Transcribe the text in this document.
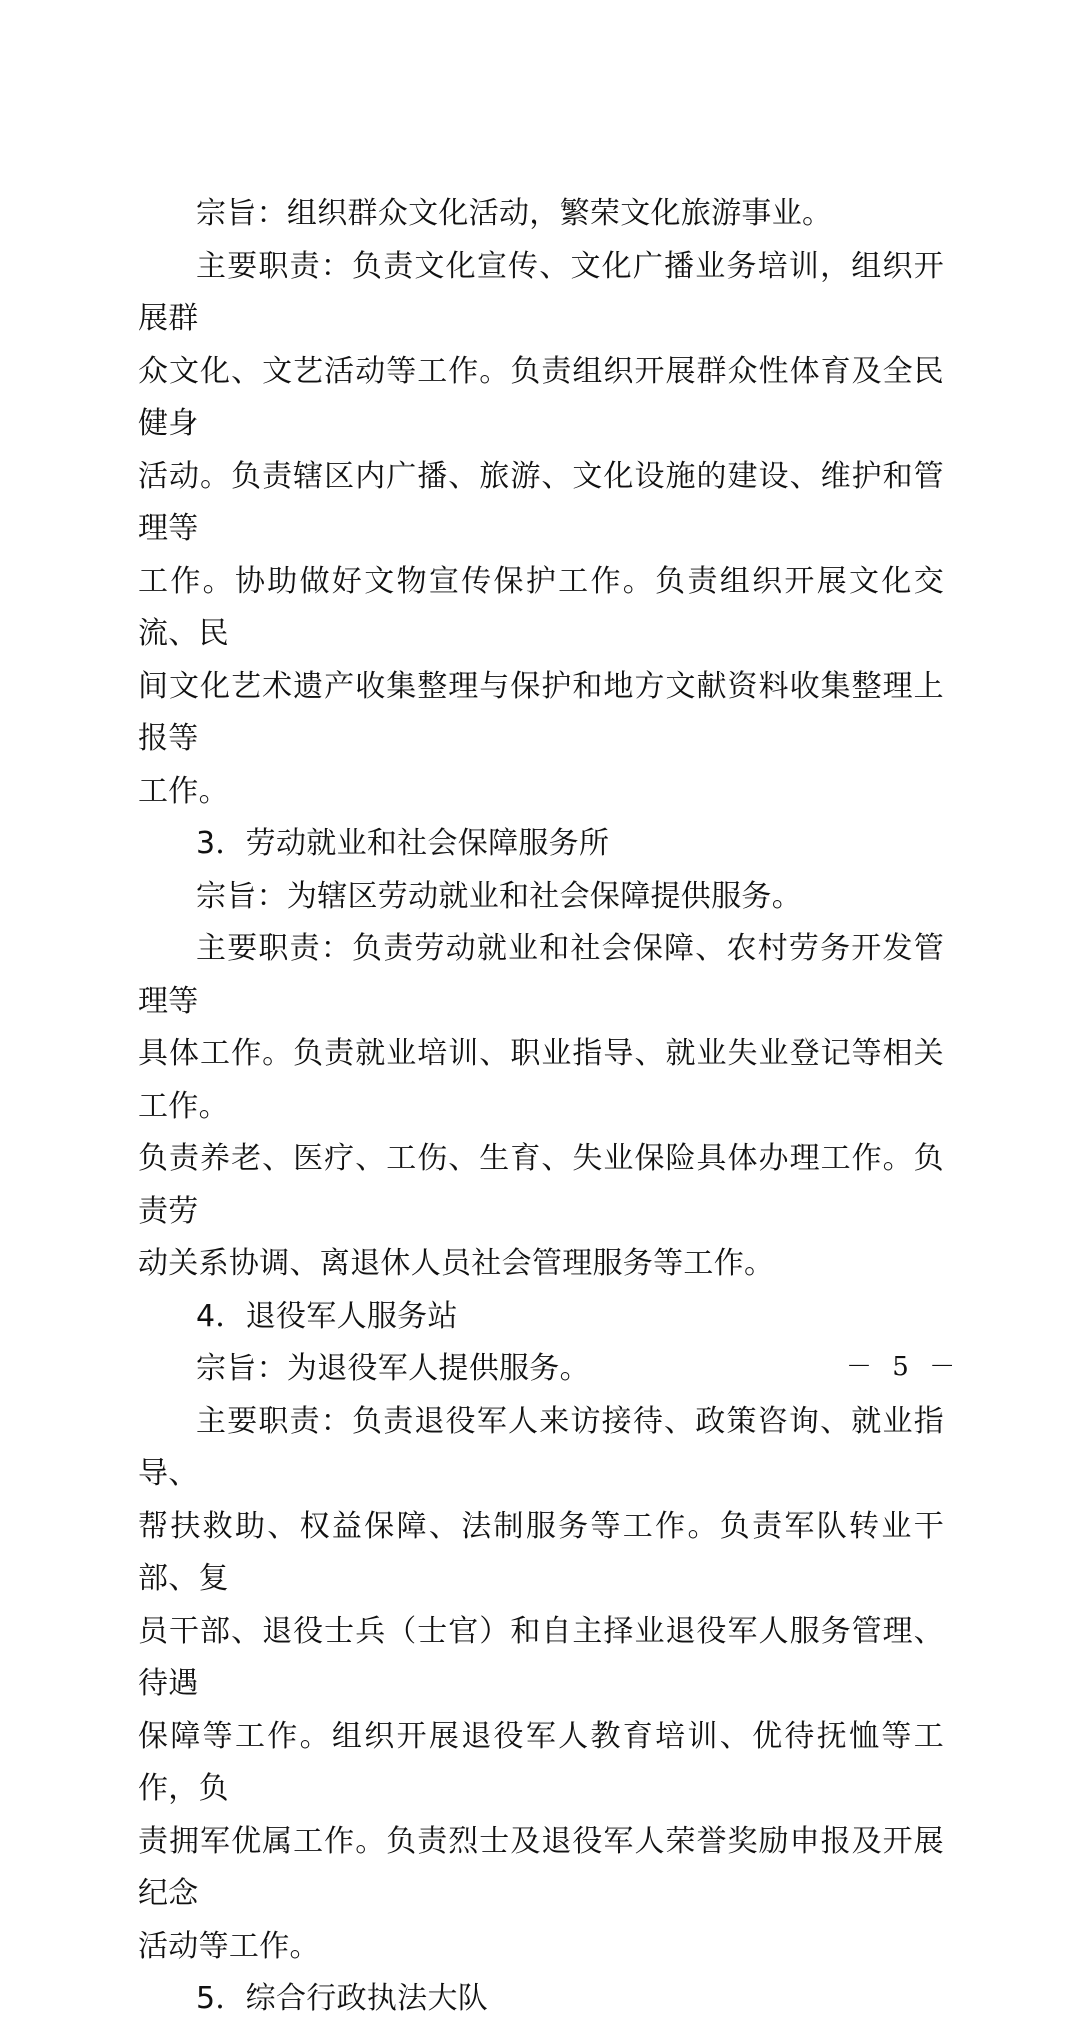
宗旨：组织群众文化活动，繁荣文化旅游事业。

主要职责：负责文化宣传、文化广播业务培训，组织开展群
众文化、文艺活动等工作。负责组织开展群众性体育及全民健身
活动。负责辖区内广播、旅游、文化设施的建设、维护和管理等
工作。协助做好文物宣传保护工作。负责组织开展文化交流、民
间文化艺术遗产收集整理与保护和地方文献资料收集整理上报等
工作。

3．劳动就业和社会保障服务所

宗旨：为辖区劳动就业和社会保障提供服务。

主要职责：负责劳动就业和社会保障、农村劳务开发管理等
具体工作。负责就业培训、职业指导、就业失业登记等相关工作。
负责养老、医疗、工伤、生育、失业保险具体办理工作。负责劳
动关系协调、离退休人员社会管理服务等工作。

4．退役军人服务站

宗旨：为退役军人提供服务。

主要职责：负责退役军人来访接待、政策咨询、就业指导、
帮扶救助、权益保障、法制服务等工作。负责军队转业干部、复
员干部、退役士兵（士官）和自主择业退役军人服务管理、待遇
保障等工作。组织开展退役军人教育培训、优待抚恤等工作，负
责拥军优属工作。负责烈士及退役军人荣誉奖励申报及开展纪念
活动等工作。

5．综合行政执法大队

－ 5 －
